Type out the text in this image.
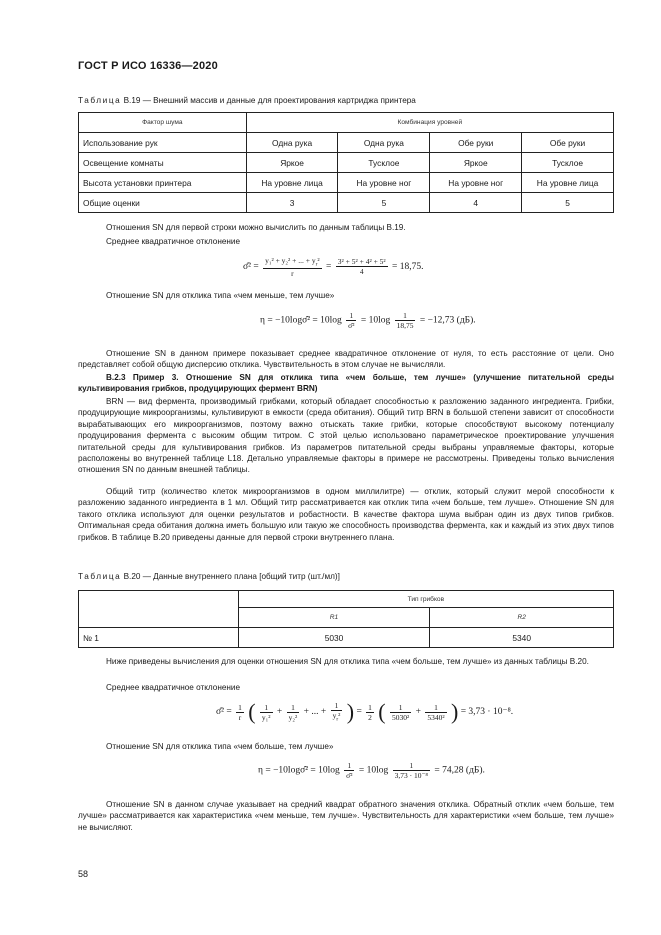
ГОСТ Р ИСО 16336—2020
Таблица В.19 — Внешний массив и данные для проектирования картриджа принтера
Фактор шума	Комбинация уровней			
Использование рук	Одна рука	Одна рука	Обе руки	Обе руки
Освещение комнаты	Яркое	Тусклое	Яркое	Тусклое
Высота установки принтера	На уровне лица	На уровне ног	На уровне ног	На уровне лица
Общие оценки	3	5	4	5
Отношения SN для первой строки можно вычислить по данным таблицы В.19.
Среднее квадратичное отклонение
σ̂² = $\frac{y_1^2 + y_2^2 + ... + y_r^2}{r} = \frac{\text{3² + 5² + 4² + 5²}}{4} = 18,75$.
Отношение SN для отклика типа «чем меньше, тем лучше»
η = −10logσ̂² = $10\log \frac{1}{\text{σ̂²}} = 10\log \frac{1}{18,75} = -12,73$ (дБ).
Отношение SN в данном примере показывает среднее квадратичное отклонение от нуля, то есть расстояние от цели. Оно представляет собой общую дисперсию отклика. Чувствительность в этом случае не вычисляли.
В.2.3 Пример 3. Отношение SN для отклика типа «чем больше, тем лучше» (улучшение питательной среды культивирования грибков, продуцирующих фермент BRN)
BRN — вид фермента, производимый грибками, который обладает способностью к разложению заданного ингредиента. Грибки, продуцирующие микроорганизмы, культивируют в емкости (среда обитания). Общий титр BRN в большой степени зависит от способности вырабатывающих его микроорганизмов, поэтому важно отыскать такие грибки, которые способствуют высокому потенциалу продуцирования фермента с высоким общим титром. С этой целью использовано параметрическое проектирование улучшения питательной среды для культивирования грибков. Из параметров питательной среды выбраны управляемые факторы, которые расположены во внутренней таблице L18. Детально управляемые факторы в примере не рассмотрены. Приведены только вычисления отношения SN по данным внешней таблицы.
Общий титр (количество клеток микроорганизмов в одном миллилитре) — отклик, который служит мерой способности к разложению заданного ингредиента в 1 мл. Общий титр рассматривается как отклик типа «чем больше, тем лучше». Отношение SN для такого отклика используют для оценки результатов и робастности. В качестве фактора шума выбран один из двух типов грибков. Оптимальная среда обитания должна иметь большую или такую же способность производства фермента, как и каждый из этих двух типов грибков. В таблице В.20 приведены данные для первой строки внутреннего плана.
Таблица В.20 — Данные внутреннего плана [общий титр (шт./мл)]
	Тип грибков	
	R1	R2
№ 1	5030	5340
Ниже приведены вычисления для оценки отношения SN для отклика типа «чем больше, тем лучше» из данных таблицы В.20.
Среднее квадратичное отклонение
σ̂² = $\frac{1}{r}$ ( $\frac{1}{\text{y₁²}} + \frac{1}{\text{y₂²}}$ + ... + $\frac{1}{y_r^2}$ ) = $\frac{1}{2}$ ( $\frac{1}{\text{5030²}} + \frac{1}{\text{5340²}}$ ) = 3,73 · 10⁻⁸.
Отношение SN для отклика типа «чем больше, тем лучше»
η = −10logσ̂² = $10\log \frac{1}{\text{σ̂²}} = 10\log \frac{1}{\text{3,73 · 10⁻⁸}} = 74,28$ (дБ).
Отношение SN в данном случае указывает на средний квадрат обратного значения отклика. Обратный отклик «чем больше, тем лучше» рассматривается как характеристика «чем меньше, тем лучше». Чувствительность для характеристики «чем больше, тем лучше» не вычисляют.
58
